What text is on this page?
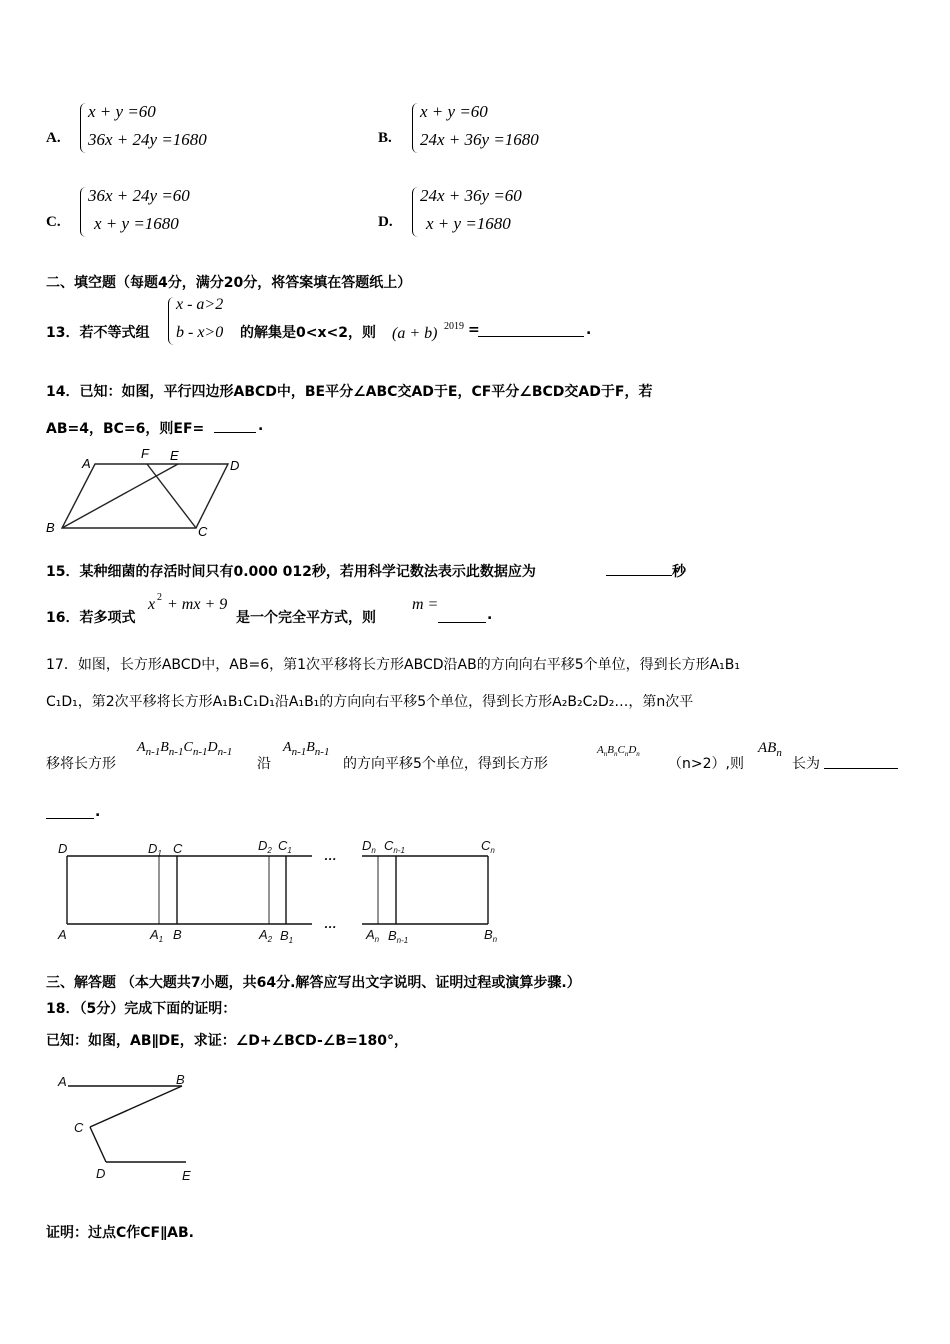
A.
x + y =60
36x + 24y =1680	B.
x + y =60
24x + 36y =1680
C.
36x + 24y =60
x + y =1680	D.
24x + 36y =60
x + y =1680
二、填空题（每题4分，满分20分，将答案填在答题纸上）
13．若不等式组
x - a>2
b - x>0 的解集是0<x<2，则 (a + b) 2019 =	.
14．已知：如图，平行四边形ABCD中，BE平分∠ABC交AD于E，CF平分∠BCD交AD于F，若
AB=4，BC=6，则EF=	.
A
F E
D
B	C
15．某种细菌的存活时间只有0.000 012秒，若用科学记数法表示此数据应为	秒
16．若多项式
x 2 + mx + 9
是一个完全平方式，则
m =
.
17．如图，长方形ABCD中，AB=6，第1次平移将长方形ABCD沿AB的方向向右平移5个单位，得到长方形A₁B₁
C₁D₁，第2次平移将长方形A₁B₁C₁D₁沿A₁B₁的方向向右平移5个单位，得到长方形A₂B₂C₂D₂…，第n次平
移将长方形
$A_{n-1}B_{n-1}C_{n-1}D_{n-1}$
沿
$A_{n-1}B_{n-1}$
的方向平移5个单位，得到长方形
$A_nB_nC_nD_n$
（n>2）,则
$AB_n$
长为
.
D	$D_1$ C	$D_2$ $C_1$ …
$D_n$ $C_{n-1}$	$C_n$
A	$A_1$ B	$A_2$ $B_1$
…
$A_n$ $B_{n-1}$	$B_n$
三、解答题 （本大题共7小题，共64分.解答应写出文字说明、证明过程或演算步骤.）
18．（5分）完成下面的证明：
已知：如图，AB∥DE，求证：∠D+∠BCD-∠B=180°，
A	B
C
D	E
证明：过点C作CF∥AB.
